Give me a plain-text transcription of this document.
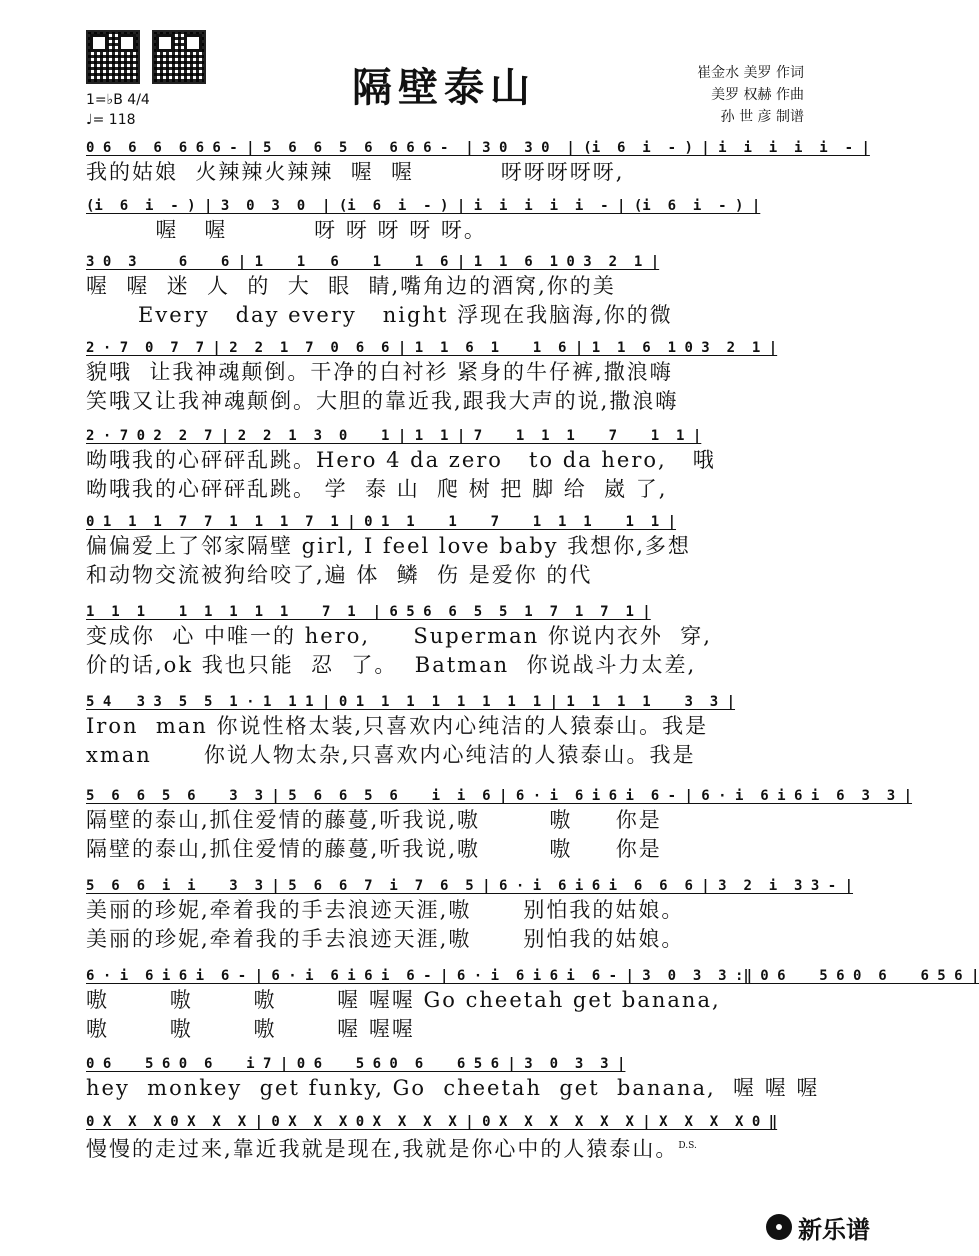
隔壁泰山	崔金水 美罗 作词
美罗 权赫 作曲
孙 世 彦 制谱
1=♭B 4/4
♩= 118
0 6  6  6  6 6 6 - | 5  6  6  5  6  6 6 6 -  | 3 0  3 0  | (i  6  i  - ) | i  i  i  i  i  - |
我的姑娘  火辣辣火辣辣  喔  喔          呀呀呀呀呀,
(i  6  i  - ) | 3  0  3  0  | (i  6  i  - ) | i  i  i  i  i  - | (i  6  i  - ) |
喔   喔          呀 呀 呀 呀 呀。
3 0  3     6    6 | 1    1   6    1    1  6 | 1  1  6  1 0 3  2  1 |
喔  喔  迷  人  的  大  眼  睛,嘴角边的酒窝,你的美
Every   day every   night 浮现在我脑海,你的微
2 · 7  0  7  7 | 2  2  1  7  0  6  6 | 1  1  6  1    1  6 | 1  1  6  1 0 3  2  1 |
貌哦  让我神魂颠倒。干净的白衬衫 紧身的牛仔裤,撒浪嗨
笑哦又让我神魂颠倒。大胆的靠近我,跟我大声的说,撒浪嗨
2 · 7 0 2  2  7 | 2  2  1  3  0    1 | 1  1 | 7    1  1  1    7    1  1 |
呦哦我的心砰砰乱跳。Hero 4 da zero   to da hero,   哦
呦哦我的心砰砰乱跳。 学  泰 山  爬 树 把 脚 给  崴 了,
0 1  1  1  7  7  1  1  1  7  1 | 0 1  1    1    7    1  1  1    1  1 |
偏偏爱上了邻家隔壁 girl, I feel love baby 我想你,多想
和动物交流被狗给咬了,遍 体  鳞  伤 是爱你 的代
1  1  1    1  1  1  1  1    7  1  | 6 5 6  6  5  5  1  7  1  7  1 |
变成你  心 中唯一的 hero,     Superman 你说内衣外  穿,
价的话,ok 我也只能  忍  了。  Batman  你说战斗力太差,
5 4   3 3  5  5  1 · 1  1 1 | 0 1  1  1  1  1  1  1  1 | 1  1  1  1    3  3 |
Iron  man 你说性格太装,只喜欢内心纯洁的人猿泰山。我是
xman      你说人物太杂,只喜欢内心纯洁的人猿泰山。我是
5  6  6  5  6    3  3 | 5  6  6  5  6    i  i  6 | 6 · i  6 i 6 i  6 - | 6 · i  6 i 6 i  6  3  3 |
隔壁的泰山,抓住爱情的藤蔓,听我说,嗷        嗷     你是
隔壁的泰山,抓住爱情的藤蔓,听我说,嗷        嗷     你是
5  6  6  i  i    3  3 | 5  6  6  7  i  7  6  5 | 6 · i  6 i 6 i  6  6  6 | 3  2  i  3 3 - |
美丽的珍妮,牵着我的手去浪迹天涯,嗷      别怕我的姑娘。
美丽的珍妮,牵着我的手去浪迹天涯,嗷      别怕我的姑娘。
6 · i  6 i 6 i  6 - | 6 · i  6 i 6 i  6 - | 6 · i  6 i 6 i  6 - | 3  0  3  3 :‖ 0 6    5 6 0  6    6 5 6 |
嗷       嗷       嗷       喔 喔喔 Go cheetah get banana,
嗷       嗷       嗷       喔 喔喔
0 6    5 6 0  6    i 7 | 0 6    5 6 0  6    6 5 6 | 3  0  3  3 |
hey  monkey  get funky, Go  cheetah  get  banana,  喔 喔 喔
0 X  X  X 0 X  X  X | 0 X  X  X 0 X  X  X  X | 0 X  X  X  X  X  X | X  X  X  X 0 ‖
慢慢的走过来,靠近我就是现在,我就是你心中的人猿泰山。$^{D.S.}$
新乐谱
